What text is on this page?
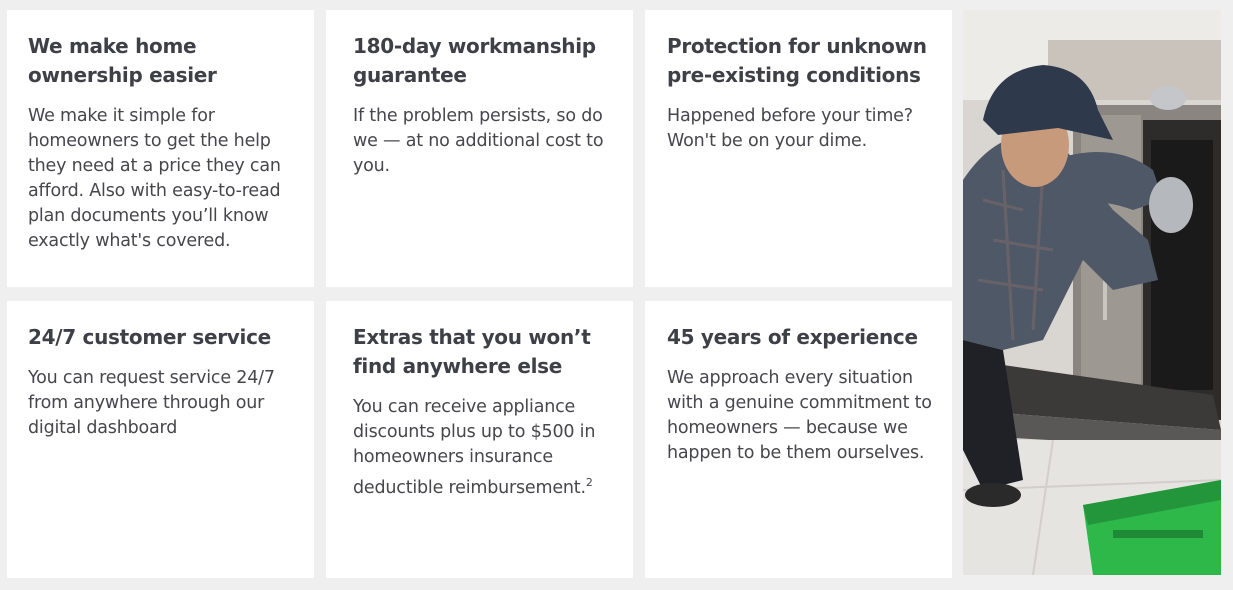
We make home ownership easier

We make it simple for homeowners to get the help they need at a price they can afford. Also with easy-to-read plan documents you’ll know exactly what's covered.

180-day workmanship guarantee

If the problem persists, so do we — at no additional cost to you.

Protection for unknown pre-existing conditions

Happened before your time? Won't be on your dime.

24/7 customer service

You can request service 24/7 from anywhere through our digital dashboard

Extras that you won’t find anywhere else

You can receive appliance discounts plus up to $500 in homeowners insurance deductible reimbursement.$^2$

45 years of experience

We approach every situation with a genuine commitment to homeowners — because we happen to be them ourselves.
